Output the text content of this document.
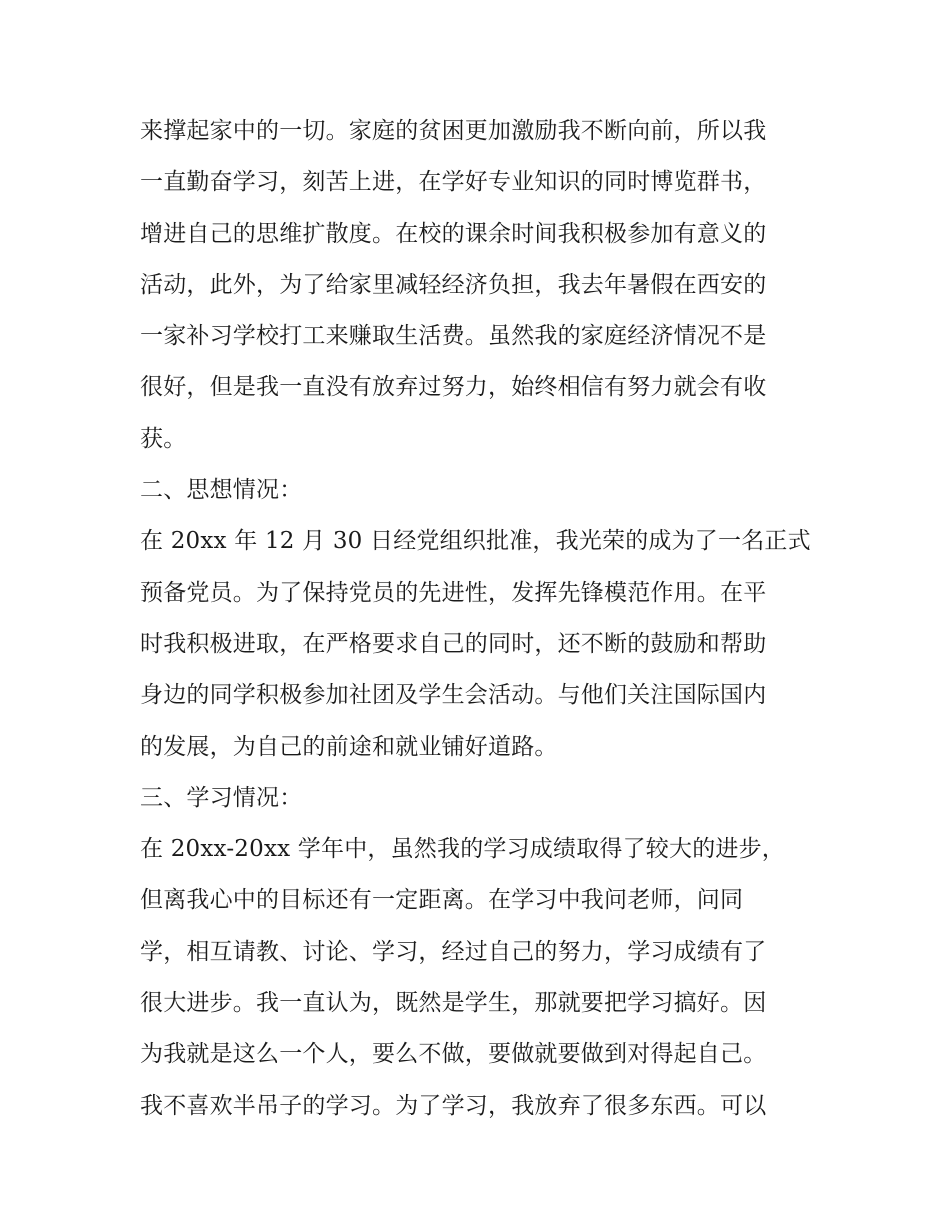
来撑起家中的一切。家庭的贫困更加激励我不断向前，所以我
一直勤奋学习，刻苦上进，在学好专业知识的同时博览群书，
增进自己的思维扩散度。在校的课余时间我积极参加有意义的
活动，此外，为了给家里减轻经济负担，我去年暑假在西安的
一家补习学校打工来赚取生活费。虽然我的家庭经济情况不是
很好，但是我一直没有放弃过努力，始终相信有努力就会有收
获。
二、思想情况：
在 20xx 年 12 月 30 日经党组织批准，我光荣的成为了一名正式
预备党员。为了保持党员的先进性，发挥先锋模范作用。在平
时我积极进取，在严格要求自己的同时，还不断的鼓励和帮助
身边的同学积极参加社团及学生会活动。与他们关注国际国内
的发展，为自己的前途和就业铺好道路。
三、学习情况：
在 20xx-20xx 学年中，虽然我的学习成绩取得了较大的进步，
但离我心中的目标还有一定距离。在学习中我问老师，问同
学，相互请教、讨论、学习，经过自己的努力，学习成绩有了
很大进步。我一直认为，既然是学生，那就要把学习搞好。因
为我就是这么一个人，要么不做，要做就要做到对得起自己。
我不喜欢半吊子的学习。为了学习，我放弃了很多东西。可以
